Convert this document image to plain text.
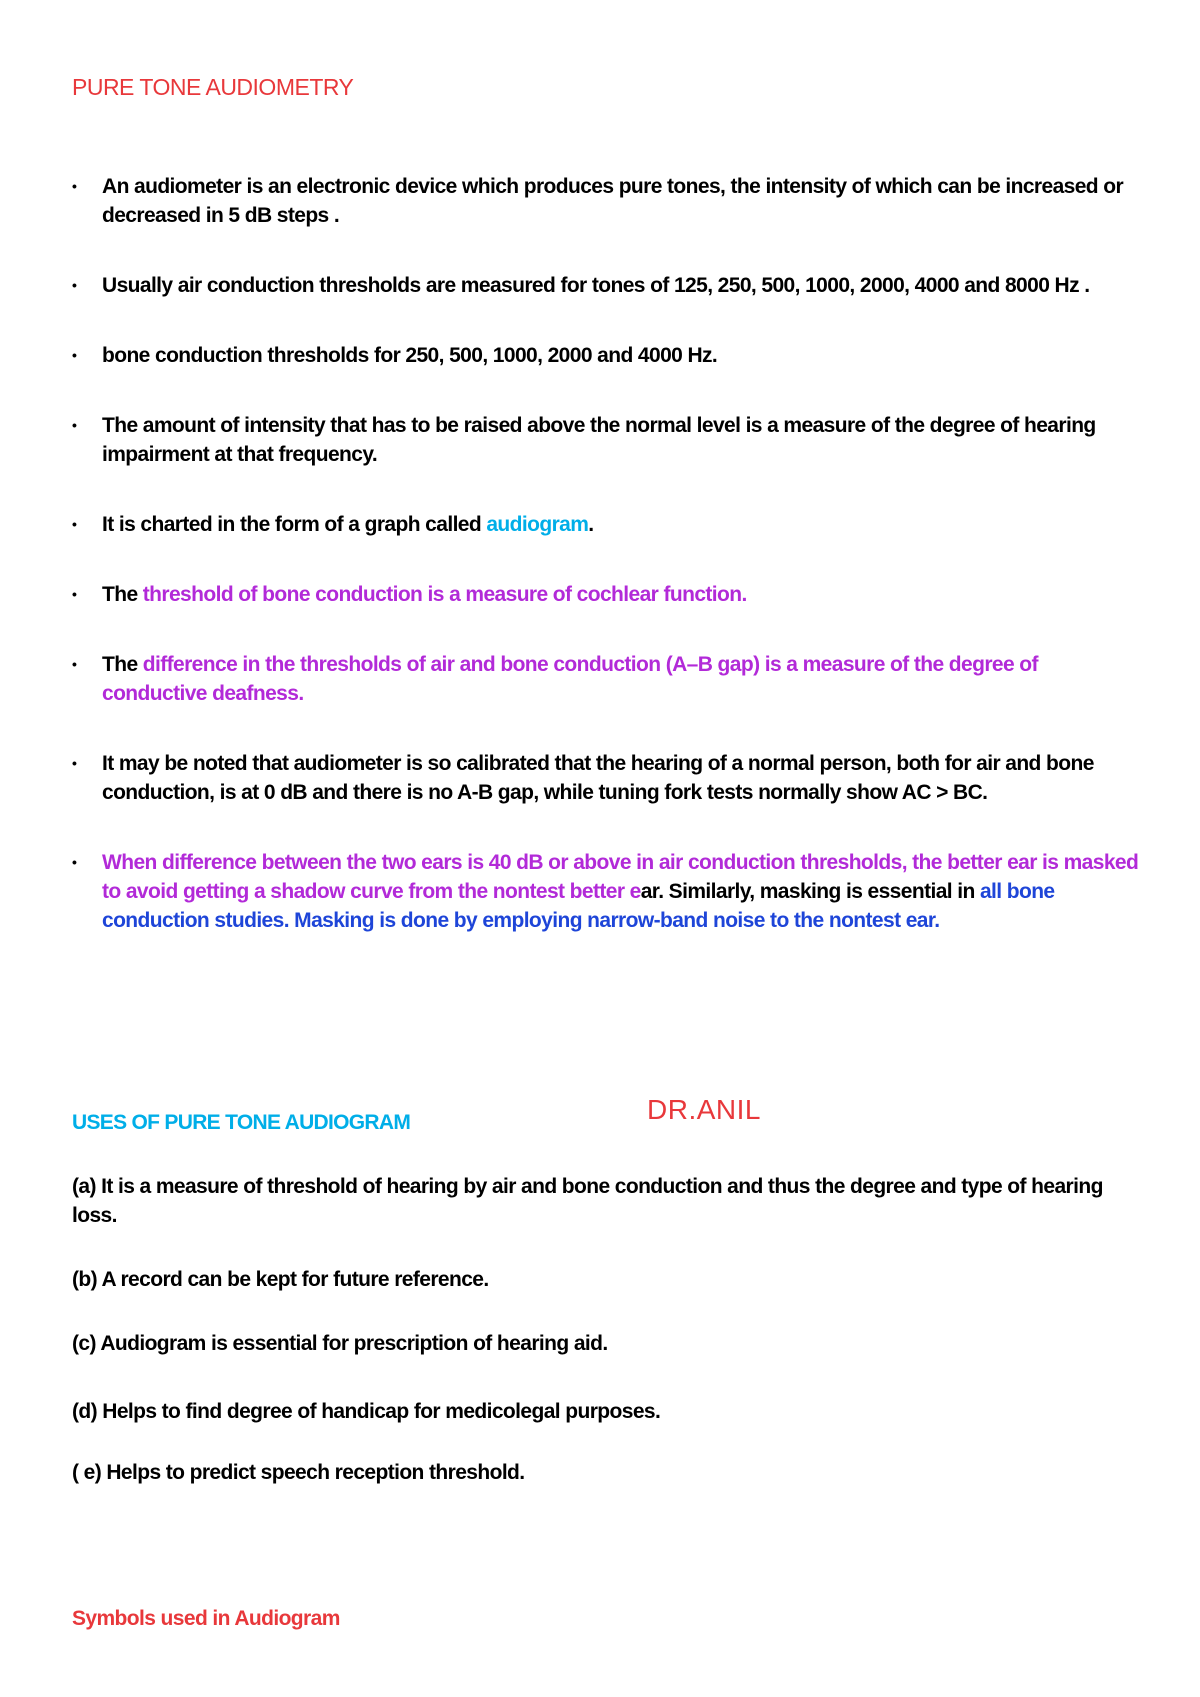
PURE TONE AUDIOMETRY
• An audiometer is an electronic device which produces pure tones, the intensity of which can be increased or decreased in 5 dB steps .
• Usually air conduction thresholds are measured for tones of 125, 250, 500, 1000, 2000, 4000 and 8000 Hz .
• bone conduction thresholds for 250, 500, 1000, 2000 and 4000 Hz.
• The amount of intensity that has to be raised above the normal level is a measure of the degree of hearing impairment at that frequency.
• It is charted in the form of a graph called audiogram.
• The threshold of bone conduction is a measure of cochlear function.
• The difference in the thresholds of air and bone conduction (A–B gap) is a measure of the degree of conductive deafness.
• It may be noted that audiometer is so calibrated that the hearing of a normal person, both for air and bone conduction, is at 0 dB and there is no A-B gap, while tuning fork tests normally show AC > BC.
• When difference between the two ears is 40 dB or above in air conduction thresholds, the better ear is masked to avoid getting a shadow curve from the nontest better ear. Similarly, masking is essential in all bone conduction studies. Masking is done by employing narrow-band noise to the nontest ear.
USES OF PURE TONE AUDIOGRAM	DR.ANIL
(a) It is a measure of threshold of hearing by air and bone conduction and thus the degree and type of hearing loss.
(b) A record can be kept for future reference.
(c) Audiogram is essential for prescription of hearing aid.
(d) Helps to find degree of handicap for medicolegal purposes.
( e) Helps to predict speech reception threshold.
Symbols used in Audiogram
